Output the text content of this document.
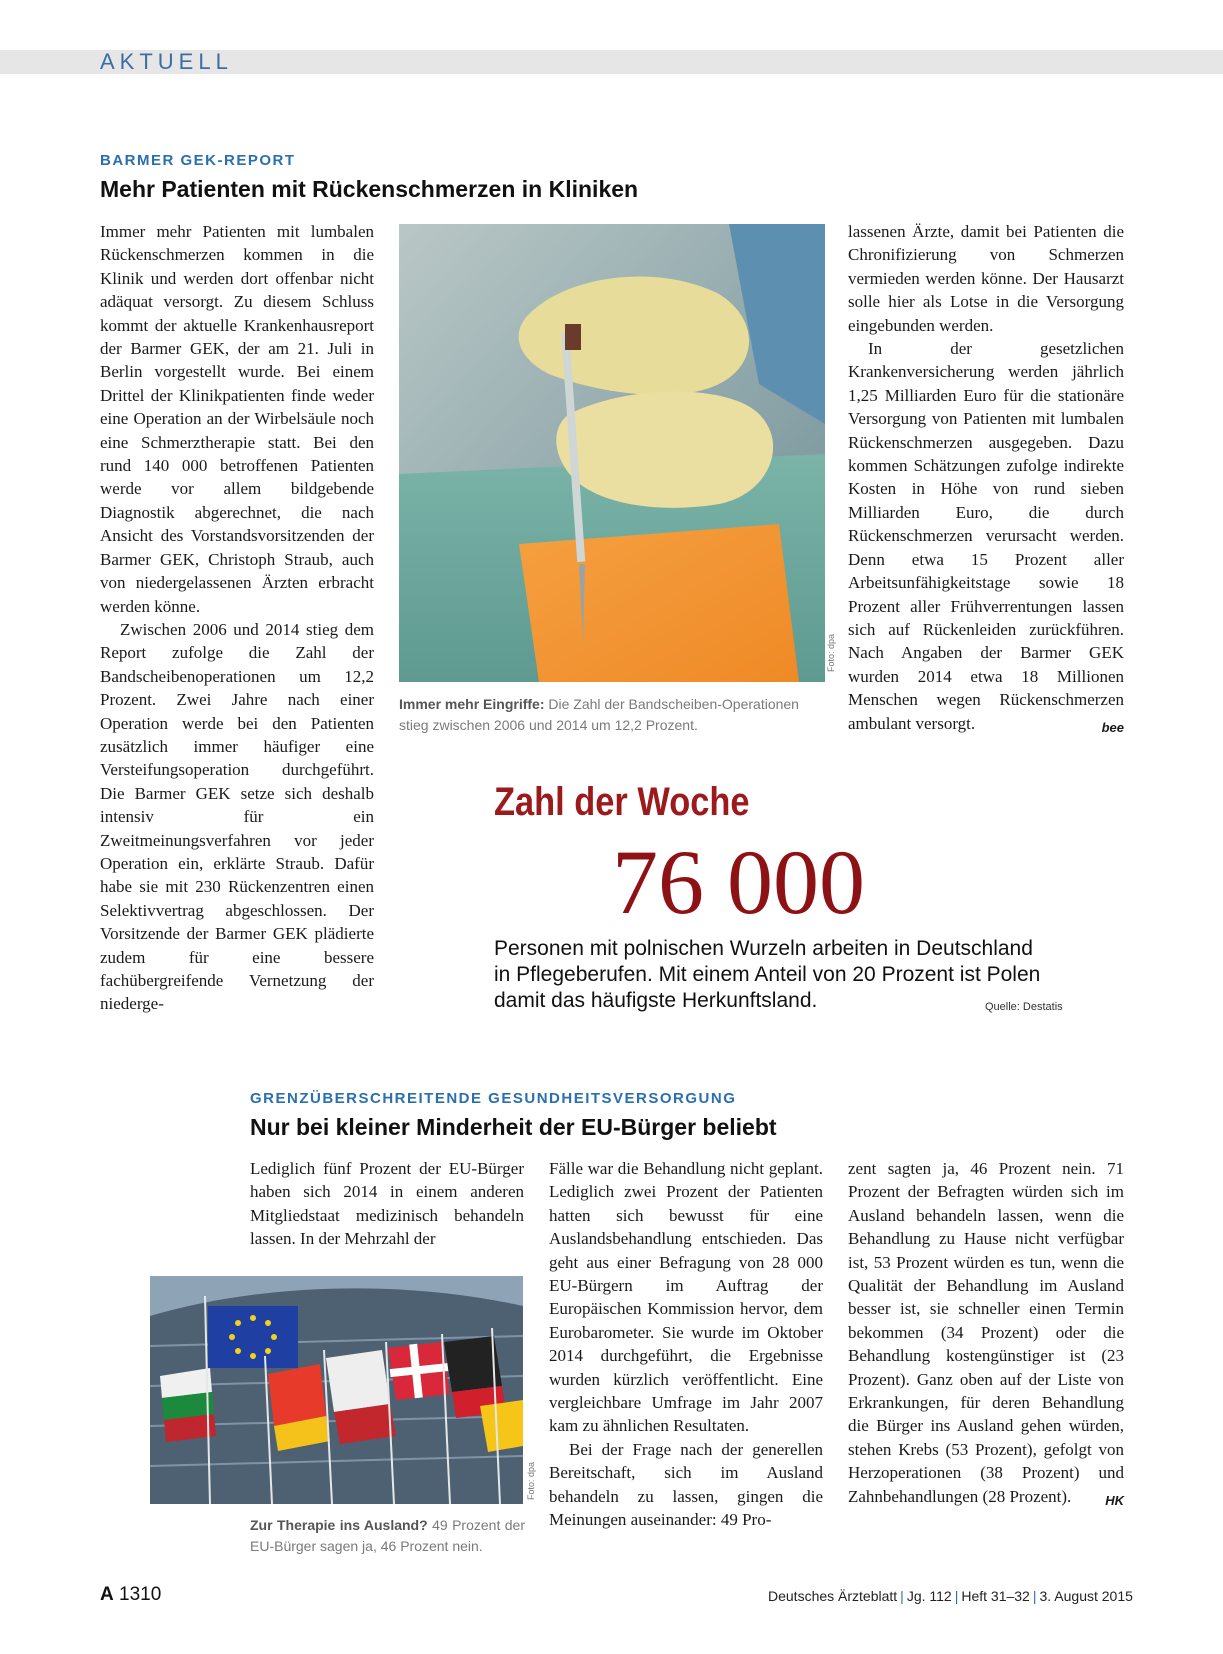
AKTUELL
BARMER GEK-REPORT
Mehr Patienten mit Rückenschmerzen in Kliniken

Immer mehr Patienten mit lumbalen Rückenschmerzen kommen in die Klinik und werden dort offenbar nicht adäquat versorgt. Zu diesem Schluss kommt der aktuelle Krankenhausreport der Barmer GEK, der am 21. Juli in Berlin vorgestellt wurde. Bei einem Drittel der Klinikpatienten finde weder eine Operation an der Wirbelsäule noch eine Schmerztherapie statt. Bei den rund 140 000 betroffenen Patienten werde vor allem bildgebende Diagnostik abgerechnet, die nach Ansicht des Vorstandsvorsitzenden der Barmer GEK, Christoph Straub, auch von niedergelassenen Ärzten erbracht werden könne.

Zwischen 2006 und 2014 stieg dem Report zufolge die Zahl der Bandscheibenoperationen um 12,2 Prozent. Zwei Jahre nach einer Operation werde bei den Patienten zusätzlich immer häufiger eine Versteifungsoperation durchgeführt. Die Barmer GEK setze sich deshalb intensiv für ein Zweitmeinungsverfahren vor jeder Operation ein, erklärte Straub. Dafür habe sie mit 230 Rückenzentren einen Selektivvertrag abgeschlossen. Der Vorsitzende der Barmer GEK plädierte zudem für eine bessere fachübergreifende Vernetzung der niederge-

Foto: dpa
Immer mehr Eingriffe: Die Zahl der Bandscheiben-Operationen stieg zwischen 2006 und 2014 um 12,2 Prozent.

lassenen Ärzte, damit bei Patienten die Chronifizierung von Schmerzen vermieden werden könne. Der Hausarzt solle hier als Lotse in die Versorgung eingebunden werden.

In der gesetzlichen Krankenversicherung werden jährlich 1,25 Milliarden Euro für die stationäre Versorgung von Patienten mit lumbalen Rückenschmerzen ausgegeben. Dazu kommen Schätzungen zufolge indirekte Kosten in Höhe von rund sieben Milliarden Euro, die durch Rückenschmerzen verursacht werden. Denn etwa 15 Prozent aller Arbeitsunfähigkeitstage sowie 18 Prozent aller Frühverrentungen lassen sich auf Rückenleiden zurückführen. Nach Angaben der Barmer GEK wurden 2014 etwa 18 Millionen Menschen wegen Rückenschmerzen ambulant versorgt.	bee

Zahl der Woche
76 000
Personen mit polnischen Wurzeln arbeiten in Deutschland in Pflegeberufen. Mit einem Anteil von 20 Prozent ist Polen damit das häufigste Herkunftsland.	Quelle: Destatis
GRENZÜBERSCHREITENDE GESUNDHEITSVERSORGUNG
Nur bei kleiner Minderheit der EU-Bürger beliebt

Lediglich fünf Prozent der EU-Bürger haben sich 2014 in einem anderen Mitgliedstaat medizinisch behandeln lassen. In der Mehrzahl der

Foto: dpa
Zur Therapie ins Ausland? 49 Prozent der EU-Bürger sagen ja, 46 Prozent nein.

Fälle war die Behandlung nicht geplant. Lediglich zwei Prozent der Patienten hatten sich bewusst für eine Auslandsbehandlung entschieden. Das geht aus einer Befragung von 28 000 EU-Bürgern im Auftrag der Europäischen Kommission hervor, dem Eurobarometer. Sie wurde im Oktober 2014 durchgeführt, die Ergebnisse wurden kürzlich veröffentlicht. Eine vergleichbare Umfrage im Jahr 2007 kam zu ähnlichen Resultaten.

Bei der Frage nach der generellen Bereitschaft, sich im Ausland behandeln zu lassen, gingen die Meinungen auseinander: 49 Pro-

zent sagten ja, 46 Prozent nein. 71 Prozent der Befragten würden sich im Ausland behandeln lassen, wenn die Behandlung zu Hause nicht verfügbar ist, 53 Prozent würden es tun, wenn die Qualität der Behandlung im Ausland besser ist, sie schneller einen Termin bekommen (34 Prozent) oder die Behandlung kostengünstiger ist (23 Prozent). Ganz oben auf der Liste von Erkrankungen, für deren Behandlung die Bürger ins Ausland gehen würden, stehen Krebs (53 Prozent), gefolgt von Herzoperationen (38 Prozent) und Zahnbehandlungen (28 Prozent).	HK

A 1310	Deutsches Ärzteblatt | Jg. 112 | Heft 31–32 | 3. August 2015
